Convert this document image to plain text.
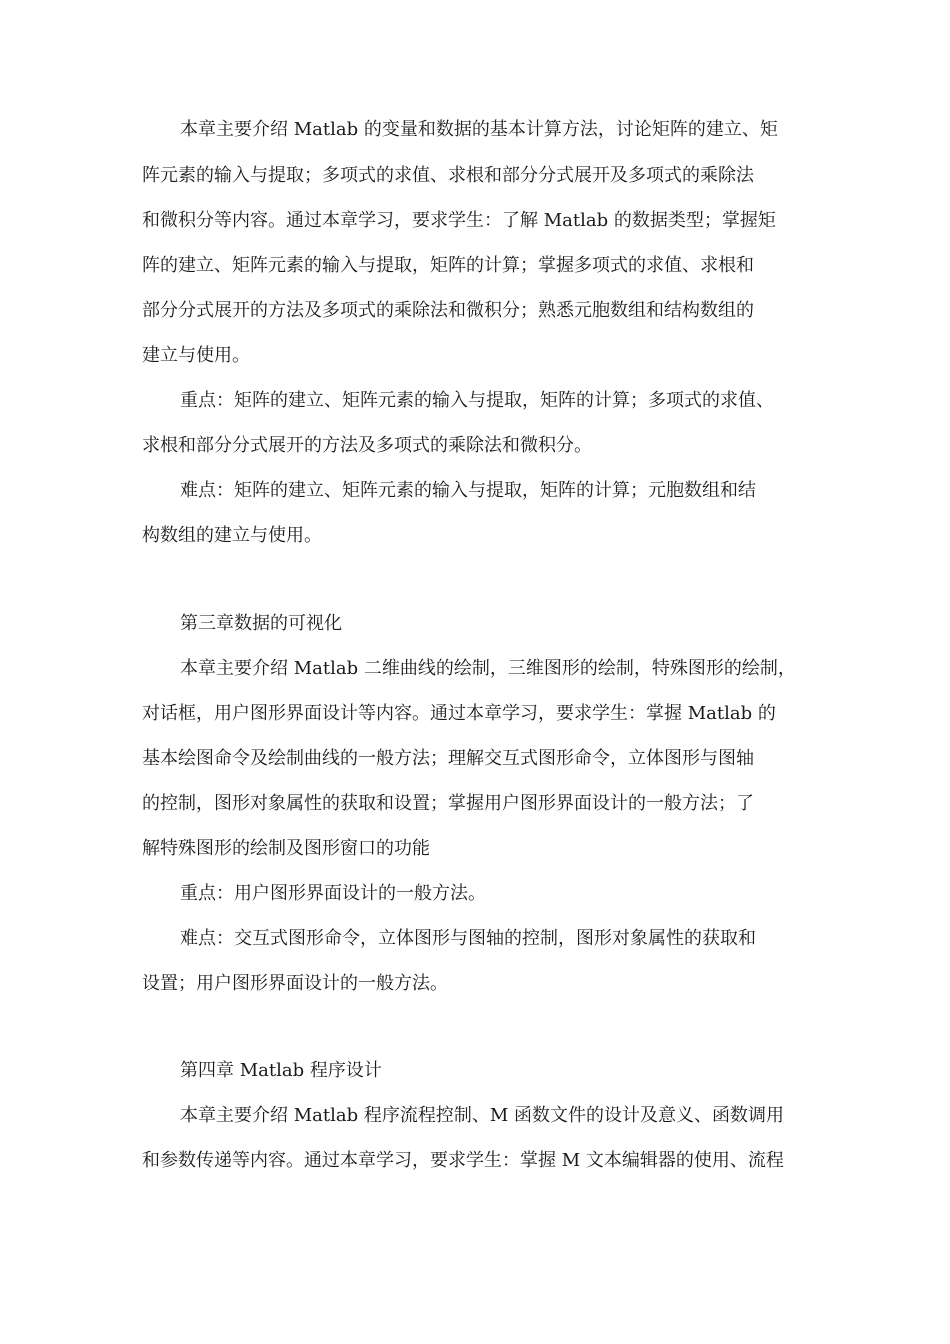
本章主要介绍 Matlab 的变量和数据的基本计算方法，讨论矩阵的建立、矩
阵元素的输入与提取；多项式的求值、求根和部分分式展开及多项式的乘除法
和微积分等内容。通过本章学习，要求学生：了解 Matlab 的数据类型；掌握矩
阵的建立、矩阵元素的输入与提取，矩阵的计算；掌握多项式的求值、求根和
部分分式展开的方法及多项式的乘除法和微积分；熟悉元胞数组和结构数组的
建立与使用。
重点：矩阵的建立、矩阵元素的输入与提取，矩阵的计算；多项式的求值、
求根和部分分式展开的方法及多项式的乘除法和微积分。
难点：矩阵的建立、矩阵元素的输入与提取，矩阵的计算；元胞数组和结
构数组的建立与使用。
第三章数据的可视化
本章主要介绍 Matlab 二维曲线的绘制，三维图形的绘制，特殊图形的绘制，
对话框，用户图形界面设计等内容。通过本章学习，要求学生：掌握 Matlab 的
基本绘图命令及绘制曲线的一般方法；理解交互式图形命令，立体图形与图轴
的控制，图形对象属性的获取和设置；掌握用户图形界面设计的一般方法；了
解特殊图形的绘制及图形窗口的功能
重点：用户图形界面设计的一般方法。
难点：交互式图形命令，立体图形与图轴的控制，图形对象属性的获取和
设置；用户图形界面设计的一般方法。
第四章 Matlab 程序设计
本章主要介绍 Matlab 程序流程控制、M 函数文件的设计及意义、函数调用
和参数传递等内容。通过本章学习，要求学生：掌握 M 文本编辑器的使用、流程
